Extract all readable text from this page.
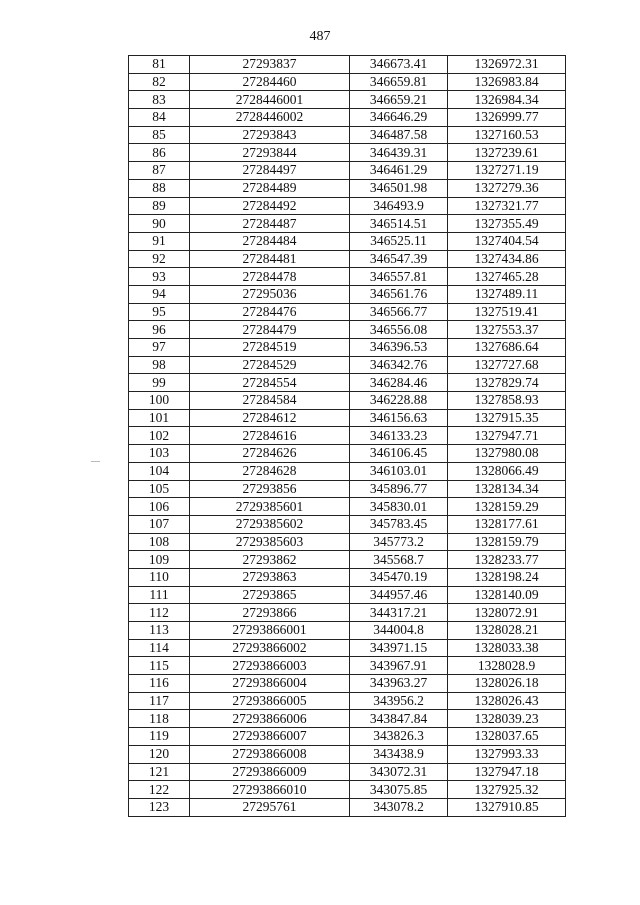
487
81	27293837	346673.41	1326972.31
82	27284460	346659.81	1326983.84
83	2728446001	346659.21	1326984.34
84	2728446002	346646.29	1326999.77
85	27293843	346487.58	1327160.53
86	27293844	346439.31	1327239.61
87	27284497	346461.29	1327271.19
88	27284489	346501.98	1327279.36
89	27284492	346493.9	1327321.77
90	27284487	346514.51	1327355.49
91	27284484	346525.11	1327404.54
92	27284481	346547.39	1327434.86
93	27284478	346557.81	1327465.28
94	27295036	346561.76	1327489.11
95	27284476	346566.77	1327519.41
96	27284479	346556.08	1327553.37
97	27284519	346396.53	1327686.64
98	27284529	346342.76	1327727.68
99	27284554	346284.46	1327829.74
100	27284584	346228.88	1327858.93
101	27284612	346156.63	1327915.35
102	27284616	346133.23	1327947.71
103	27284626	346106.45	1327980.08
104	27284628	346103.01	1328066.49
105	27293856	345896.77	1328134.34
106	2729385601	345830.01	1328159.29
107	2729385602	345783.45	1328177.61
108	2729385603	345773.2	1328159.79
109	27293862	345568.7	1328233.77
110	27293863	345470.19	1328198.24
111	27293865	344957.46	1328140.09
112	27293866	344317.21	1328072.91
113	27293866001	344004.8	1328028.21
114	27293866002	343971.15	1328033.38
115	27293866003	343967.91	1328028.9
116	27293866004	343963.27	1328026.18
117	27293866005	343956.2	1328026.43
118	27293866006	343847.84	1328039.23
119	27293866007	343826.3	1328037.65
120	27293866008	343438.9	1327993.33
121	27293866009	343072.31	1327947.18
122	27293866010	343075.85	1327925.32
123	27295761	343078.2	1327910.85
